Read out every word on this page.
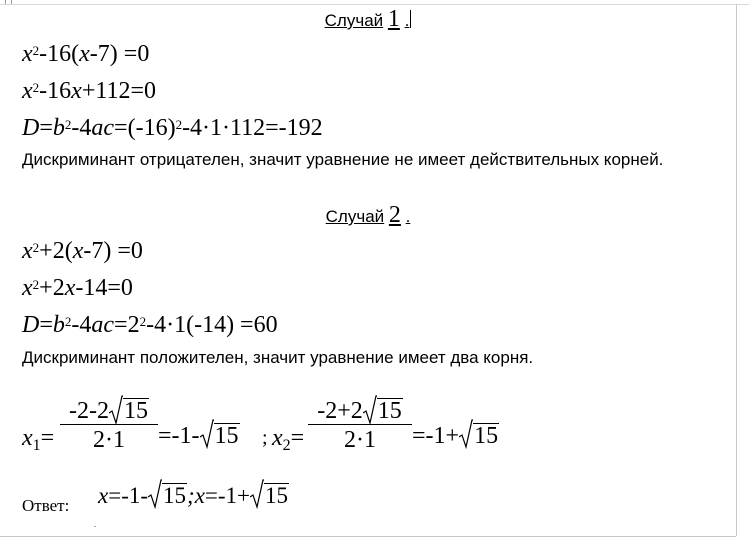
Случай 1 .
$x^2-16(x-7) =0$
$x^2-16x+112=0$
$D=b^2-4ac=(-16)^2-4\cdot 1\cdot 112=-192$
Дискриминант отрицателен, значит уравнение не имеет действительных корней.
Случай 2 .
$x^2+2(x-7) =0$
$x^2+2x-14=0$
$D=b^2-4ac=2^2-4\cdot 1(-14) =60$
Дискриминант положителен, значит уравнение имеет два корня.
$x_1=$
-2-2 15
2·1	=-1- 15 ; $x_2=$
-2+2 15
2·1	=-1+ 15
Ответ:
.
x=-1- 15;x=-1+ 15
